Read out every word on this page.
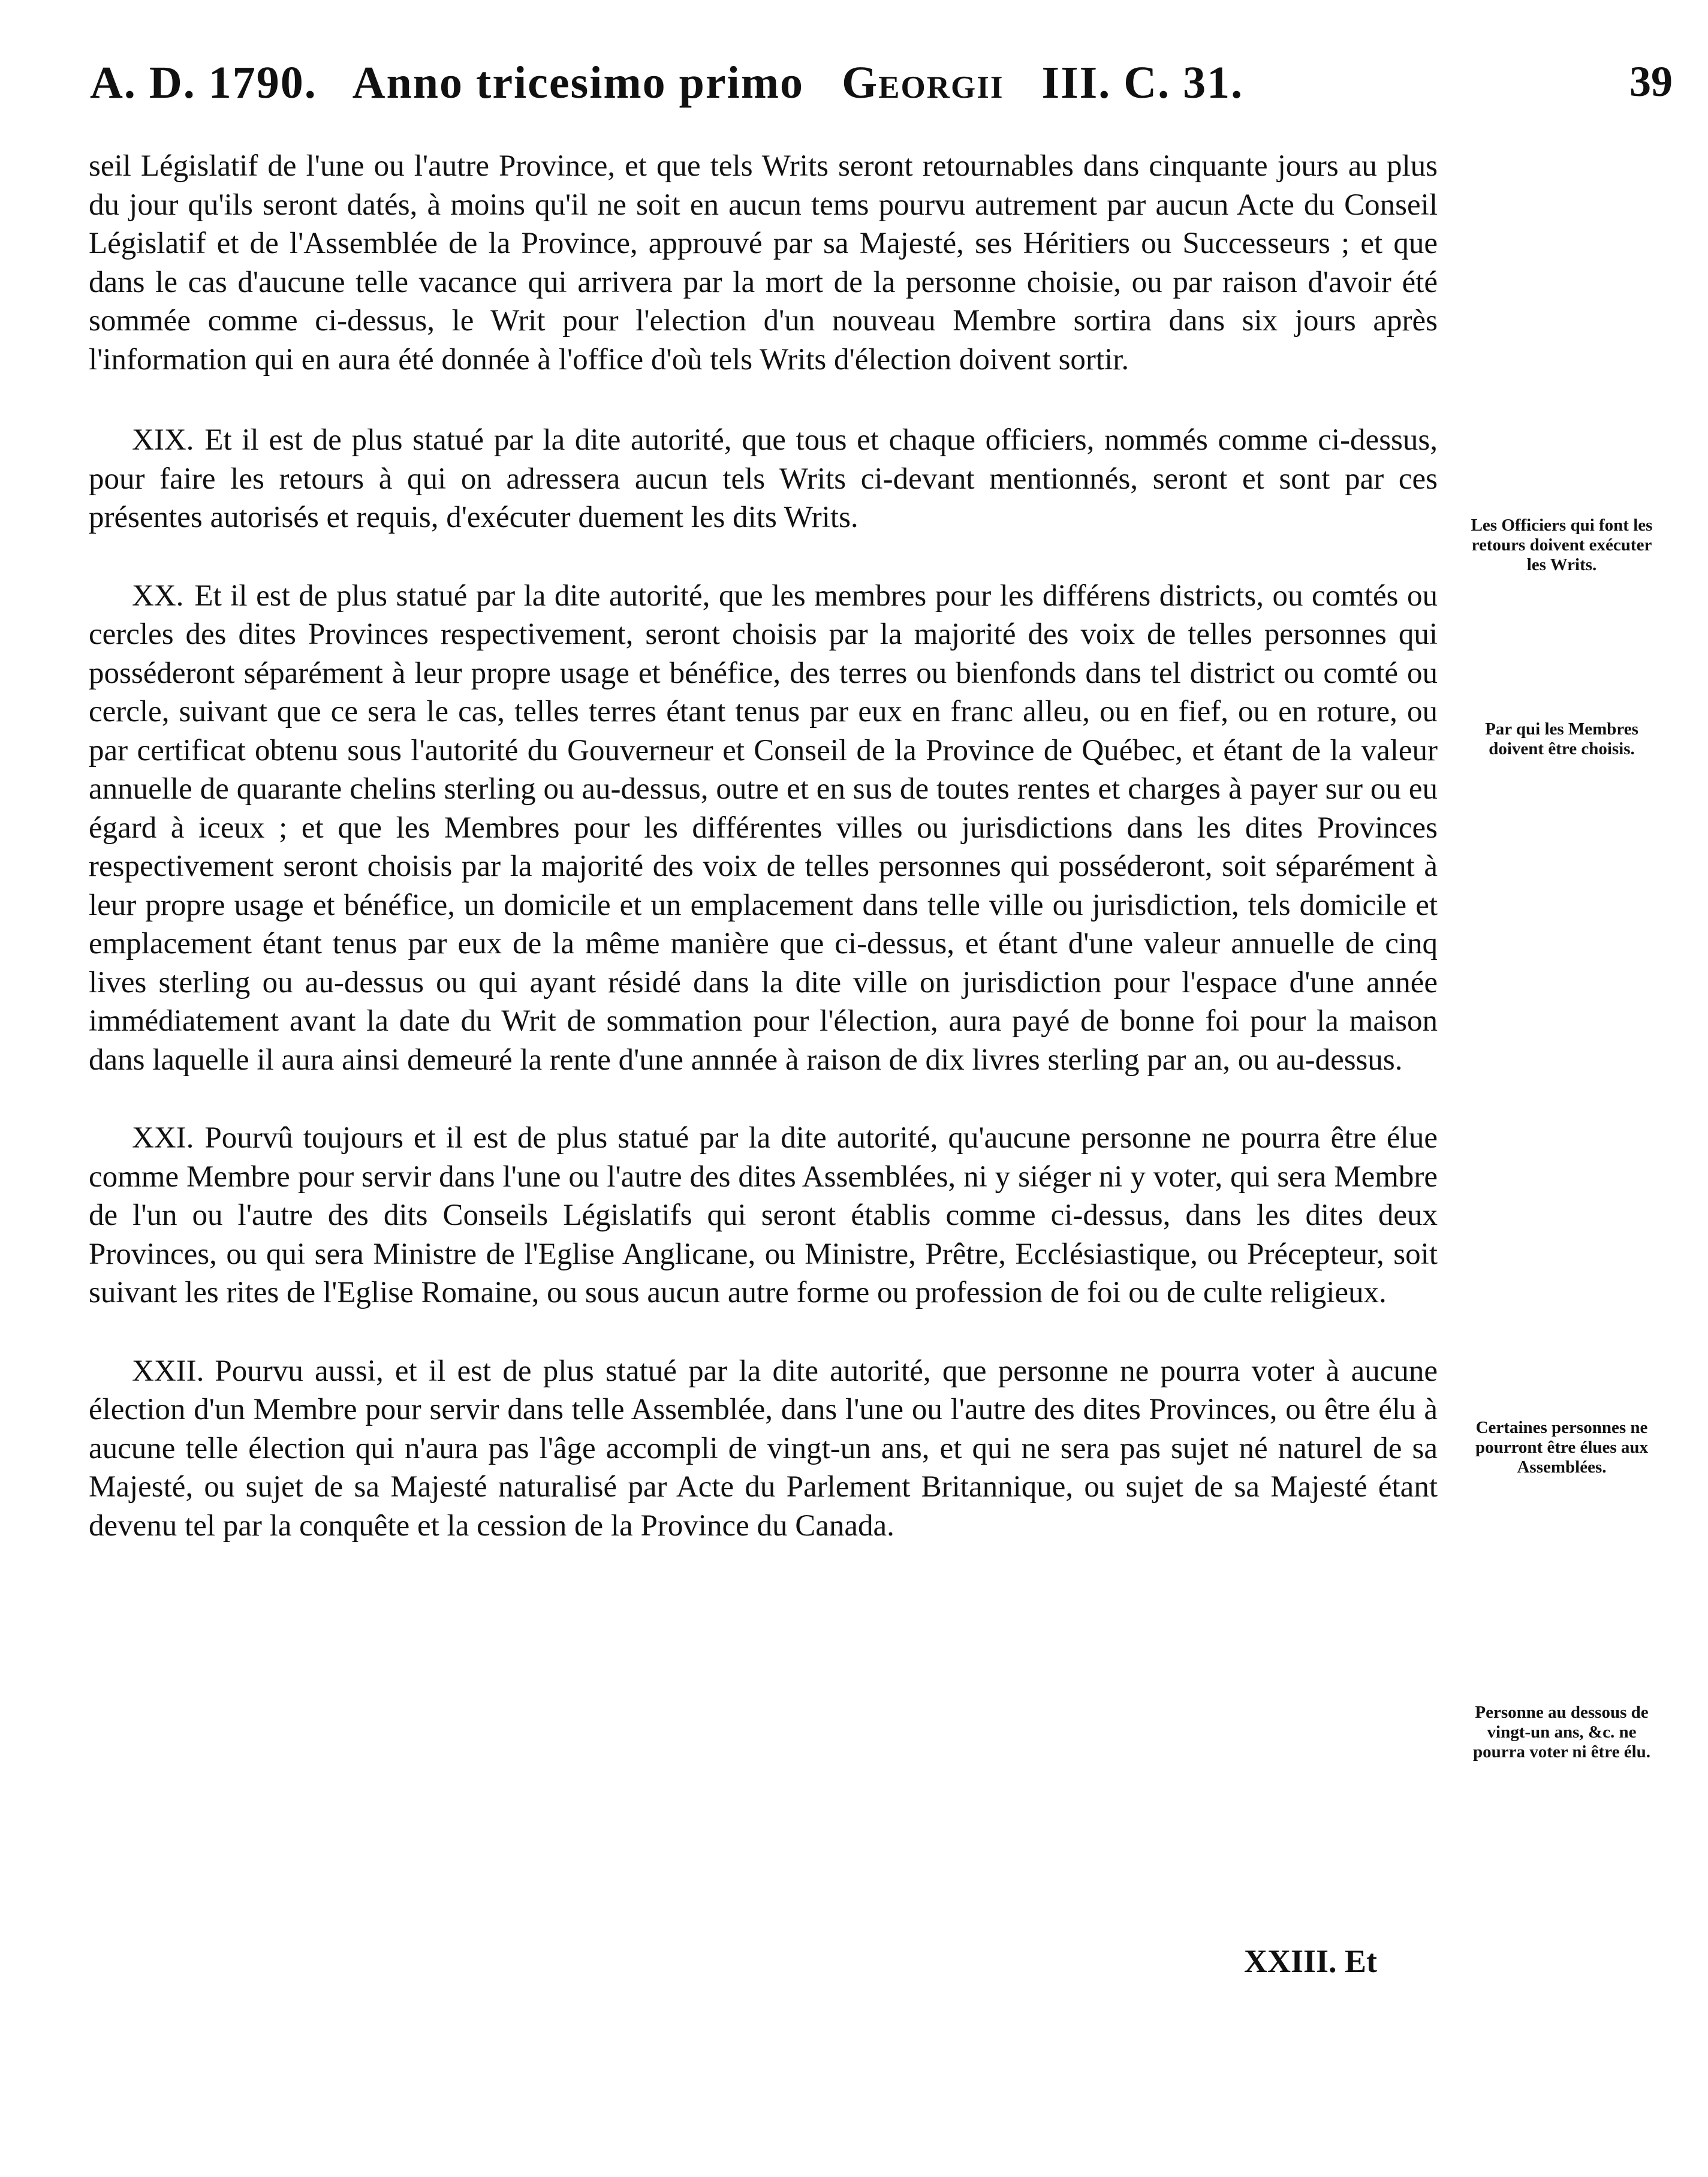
A. D. 1790. Anno tricesimo primo Georgii III. C. 31.	39

seil Législatif de l'une ou l'autre Province, et que tels Writs seront retournables dans cinquante jours au plus du jour qu'ils seront datés, à moins qu'il ne soit en aucun tems pourvu autrement par aucun Acte du Conseil Législatif et de l'Assemblée de la Province, approuvé par sa Majesté, ses Héritiers ou Successeurs ; et que dans le cas d'aucune telle vacance qui arrivera par la mort de la personne choisie, ou par raison d'avoir été sommée comme ci-dessus, le Writ pour l'election d'un nouveau Membre sortira dans six jours après l'information qui en aura été donnée à l'office d'où tels Writs d'élection doivent sortir.

XIX. Et il est de plus statué par la dite autorité, que tous et chaque officiers, nommés comme ci-dessus, pour faire les retours à qui on adressera aucun tels Writs ci-devant mentionnés, seront et sont par ces présentes autorisés et requis, d'exécuter duement les dits Writs.

XX. Et il est de plus statué par la dite autorité, que les membres pour les différens districts, ou comtés ou cercles des dites Provinces respectivement, seront choisis par la majorité des voix de telles personnes qui posséderont séparément à leur propre usage et bénéfice, des terres ou bienfonds dans tel district ou comté ou cercle, suivant que ce sera le cas, telles terres étant tenus par eux en franc alleu, ou en fief, ou en roture, ou par certificat obtenu sous l'autorité du Gouverneur et Conseil de la Province de Québec, et étant de la valeur annuelle de quarante chelins sterling ou au-dessus, outre et en sus de toutes rentes et charges à payer sur ou eu égard à iceux ; et que les Membres pour les différentes villes ou jurisdictions dans les dites Provinces respectivement seront choisis par la majorité des voix de telles personnes qui posséderont, soit séparément à leur propre usage et bénéfice, un domicile et un emplacement dans telle ville ou jurisdiction, tels domicile et emplacement étant tenus par eux de la même manière que ci-dessus, et étant d'une valeur annuelle de cinq lives sterling ou au-dessus ou qui ayant résidé dans la dite ville on jurisdiction pour l'espace d'une année immédiatement avant la date du Writ de sommation pour l'élection, aura payé de bonne foi pour la maison dans laquelle il aura ainsi demeuré la rente d'une annnée à raison de dix livres sterling par an, ou au-dessus.

XXI. Pourvû toujours et il est de plus statué par la dite autorité, qu'aucune personne ne pourra être élue comme Membre pour servir dans l'une ou l'autre des dites Assemblées, ni y siéger ni y voter, qui sera Membre de l'un ou l'autre des dits Conseils Législatifs qui seront établis comme ci-dessus, dans les dites deux Provinces, ou qui sera Ministre de l'Eglise Anglicane, ou Ministre, Prêtre, Ecclésiastique, ou Précepteur, soit suivant les rites de l'Eglise Romaine, ou sous aucun autre forme ou profession de foi ou de culte religieux.

XXII. Pourvu aussi, et il est de plus statué par la dite autorité, que personne ne pourra voter à aucune élection d'un Membre pour servir dans telle Assemblée, dans l'une ou l'autre des dites Provinces, ou être élu à aucune telle élection qui n'aura pas l'âge accompli de vingt-un ans, et qui ne sera pas sujet né naturel de sa Majesté, ou sujet de sa Majesté naturalisé par Acte du Parlement Britannique, ou sujet de sa Majesté étant devenu tel par la conquête et la cession de la Province du Canada.

XXIII. Et
Les Officiers qui font les retours doivent exécuter les Writs.
Par qui les Membres doivent être choisis.
Certaines personnes ne pourront être élues aux Assemblées.
Personne au dessous de vingt-un ans, &c. ne pourra voter ni être élu.
